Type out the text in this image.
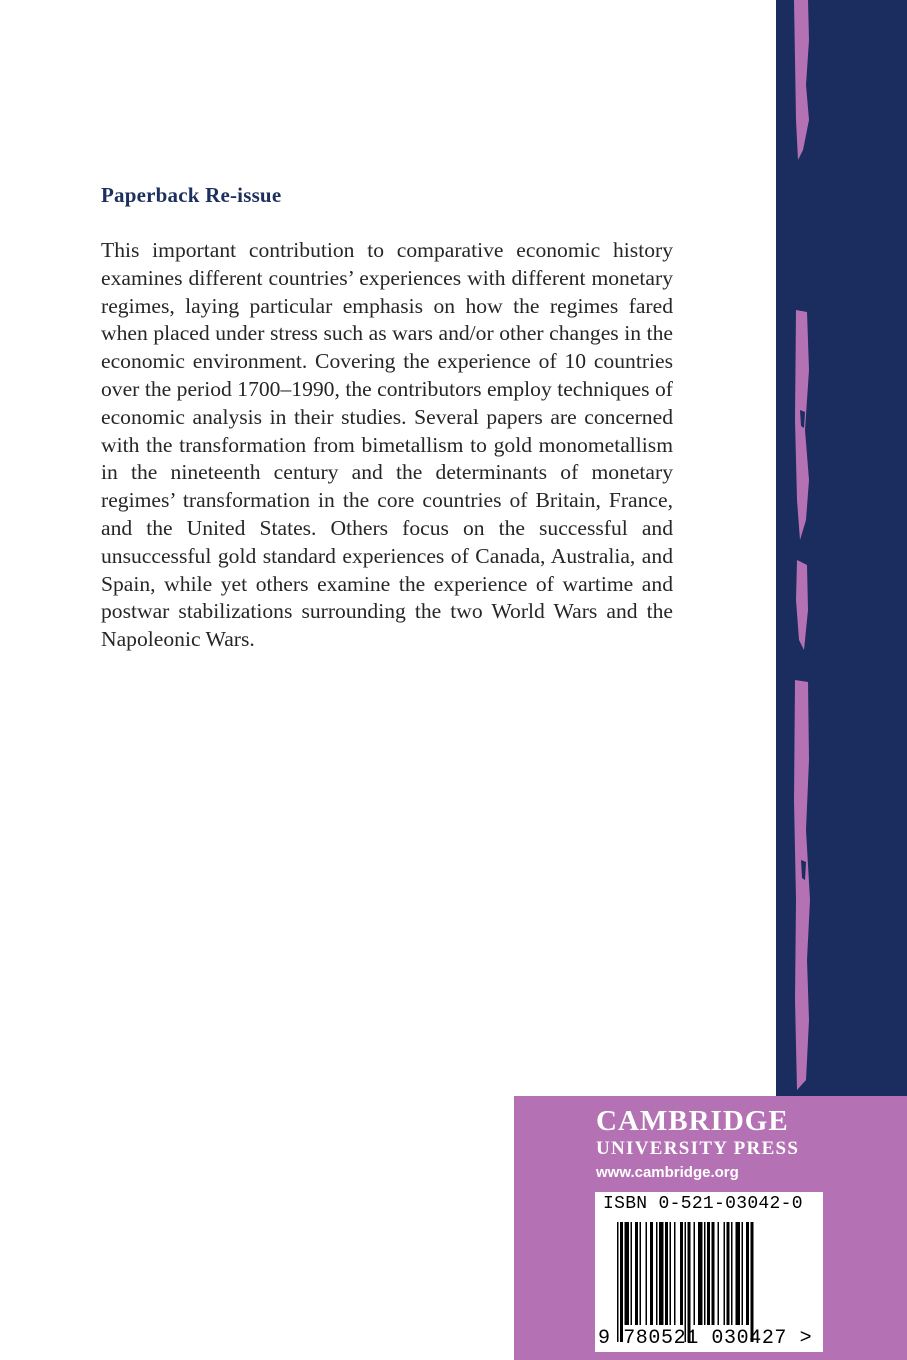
Paperback Re-issue

This important contribution to comparative economic history examines different countries’ experiences with different monetary regimes, laying particular emphasis on how the regimes fared when placed under stress such as wars and/or other changes in the economic environment. Covering the experience of 10 countries over the period 1700–1990, the contributors employ techniques of economic analysis in their studies. Several papers are concerned with the transformation from bimetallism to gold monometallism in the nineteenth century and the determinants of monetary regimes’ transformation in the core countries of Britain, France, and the United States. Others focus on the successful and unsuccessful gold standard experiences of Canada, Australia, and Spain, while yet others examine the experience of wartime and postwar stabilizations surrounding the two World Wars and the Napoleonic Wars.

CAMBRIDGE
UNIVERSITY PRESS
www.cambridge.org
ISBN 0-521-03042-0
9 780521 030427 >
